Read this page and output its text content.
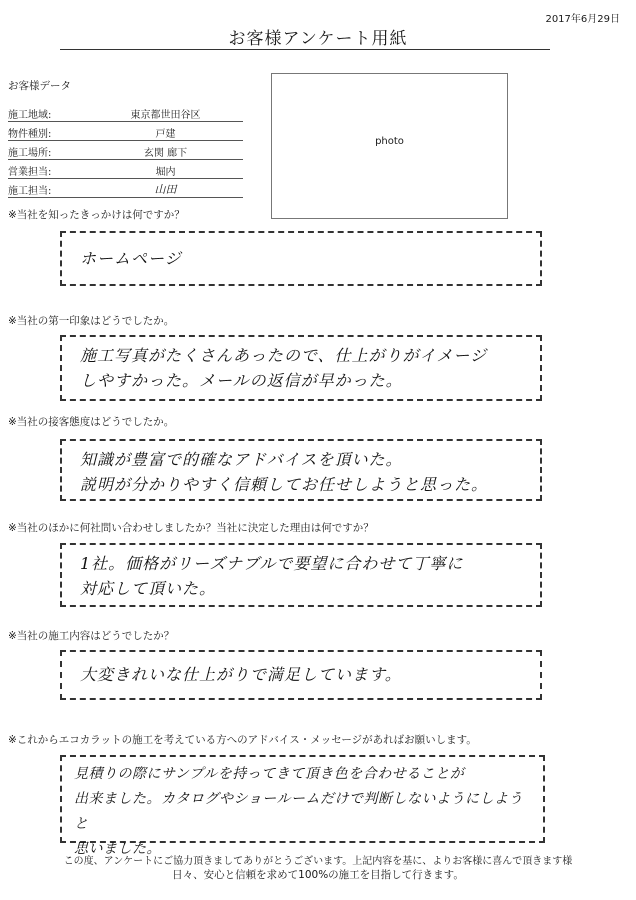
2017年6月29日
お客様アンケート用紙
お客様データ
施工地域:	東京都世田谷区
物件種別:	戸建
施工場所:	玄関 廊下
営業担当:	堀内
施工担当:	山田
photo
※当社を知ったきっかけは何ですか？
ホームページ
※当社の第一印象はどうでしたか。
施工写真がたくさんあったので、仕上がりがイメージ
しやすかった。メールの返信が早かった。
※当社の接客態度はどうでしたか。
知識が豊富で的確なアドバイスを頂いた。
説明が分かりやすく信頼してお任せしようと思った。
※当社のほかに何社問い合わせしましたか？当社に決定した理由は何ですか？
1社。価格がリーズナブルで要望に合わせて丁寧に
対応して頂いた。
※当社の施工内容はどうでしたか？
大変きれいな仕上がりで満足しています。
※これからエコカラットの施工を考えている方へのアドバイス・メッセージがあればお願いします。
見積りの際にサンプルを持ってきて頂き色を合わせることが
出来ました。カタログやショールームだけで判断しないようにしようと
思いました。
この度、アンケートにご協力頂きましてありがとうございます。上記内容を基に、よりお客様に喜んで頂きます様
日々、安心と信頼を求めて100%の施工を目指して行きます。
